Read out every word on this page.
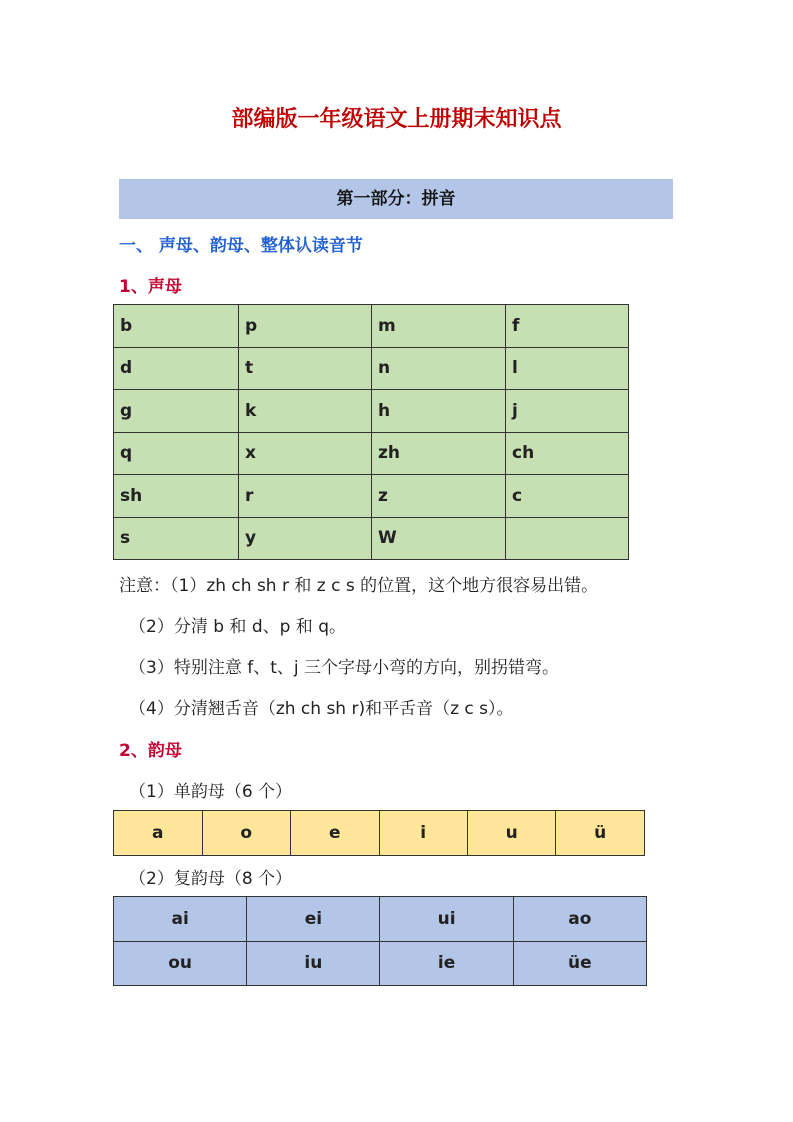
部编版一年级语文上册期末知识点
第一部分：拼音
一、 声母、韵母、整体认读音节
1、声母
b	p	m	f
d	t	n	l
g	k	h	j
q	x	zh	ch
sh	r	z	c
s	y	W	
注意：（1）zh ch sh r 和 z c s 的位置，这个地方很容易出错。
（2）分清 b 和 d、p 和 q。
（3）特别注意 f、t、j 三个字母小弯的方向，别拐错弯。
（4）分清翘舌音（zh ch sh r)和平舌音（z c s）。
2、韵母
（1）单韵母（6 个）
a	o	e	i	u	ü
（2）复韵母（8 个）
ai	ei	ui	ao
ou	iu	ie	üe
